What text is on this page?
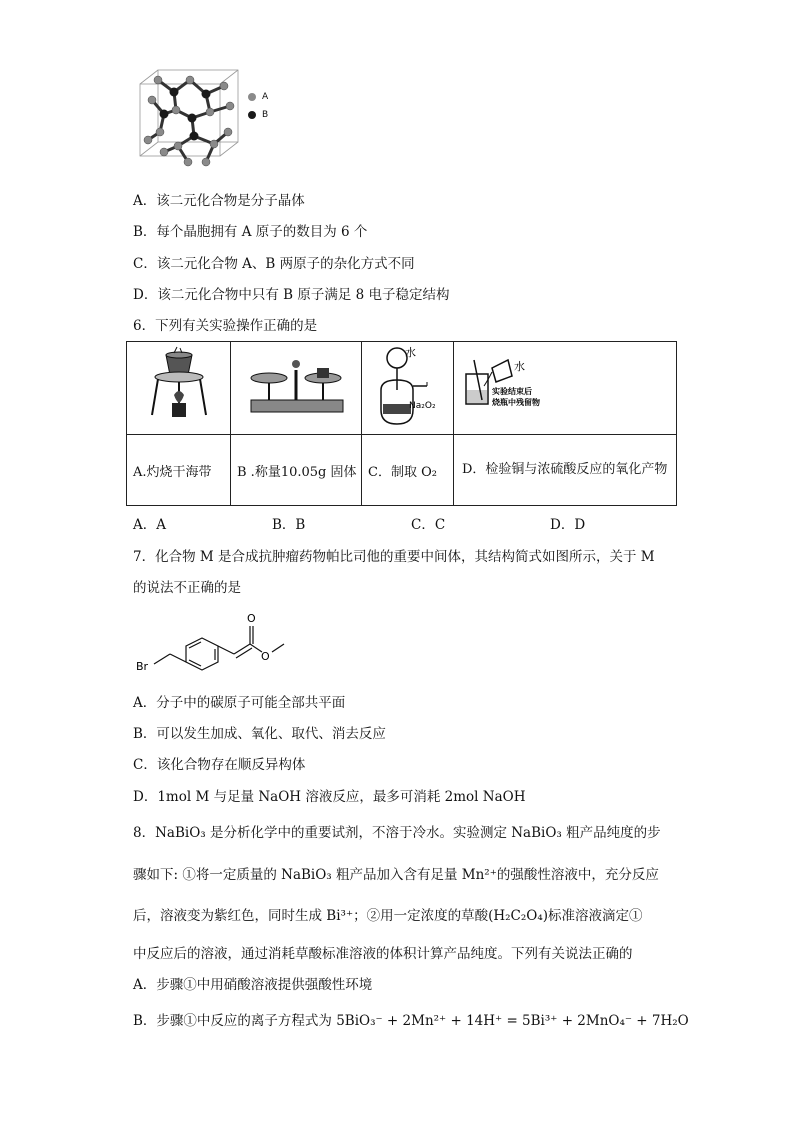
A
B
A．该二元化合物是分子晶体
B．每个晶胞拥有 A 原子的数目为 6 个
C．该二元化合物 A、B 两原子的杂化方式不同
D．该二元化合物中只有 B 原子满足 8 电子稳定结构
6．下列有关实验操作正确的是

水
Na₂O₂	水
实验结束后
烧瓶中残留物

A.灼烧干海带	B .称量10.05g 固体	C．制取 O₂	D．检验铜与浓硫酸反应的氧化产物
A．A	B．B	C．C	D．D
7．化合物 M 是合成抗肿瘤药物帕比司他的重要中间体，其结构简式如图所示，关于 M
的说法不正确的是
Br
O
O
A．分子中的碳原子可能全部共平面
B．可以发生加成、氧化、取代、消去反应
C．该化合物存在顺反异构体
D．1mol M 与足量 NaOH 溶液反应，最多可消耗 2mol NaOH
8．NaBiO₃ 是分析化学中的重要试剂，不溶于冷水。实验测定 NaBiO₃ 粗产品纯度的步
骤如下: ①将一定质量的 NaBiO₃ 粗产品加入含有足量 Mn²⁺的强酸性溶液中，充分反应
后，溶液变为紫红色，同时生成 Bi³⁺；②用一定浓度的草酸(H₂C₂O₄)标准溶液滴定①
中反应后的溶液，通过消耗草酸标准溶液的体积计算产品纯度。下列有关说法正确的
A．步骤①中用硝酸溶液提供强酸性环境
B．步骤①中反应的离子方程式为 5BiO₃⁻ + 2Mn²⁺ + 14H⁺ = 5Bi³⁺ + 2MnO₄⁻ + 7H₂O
